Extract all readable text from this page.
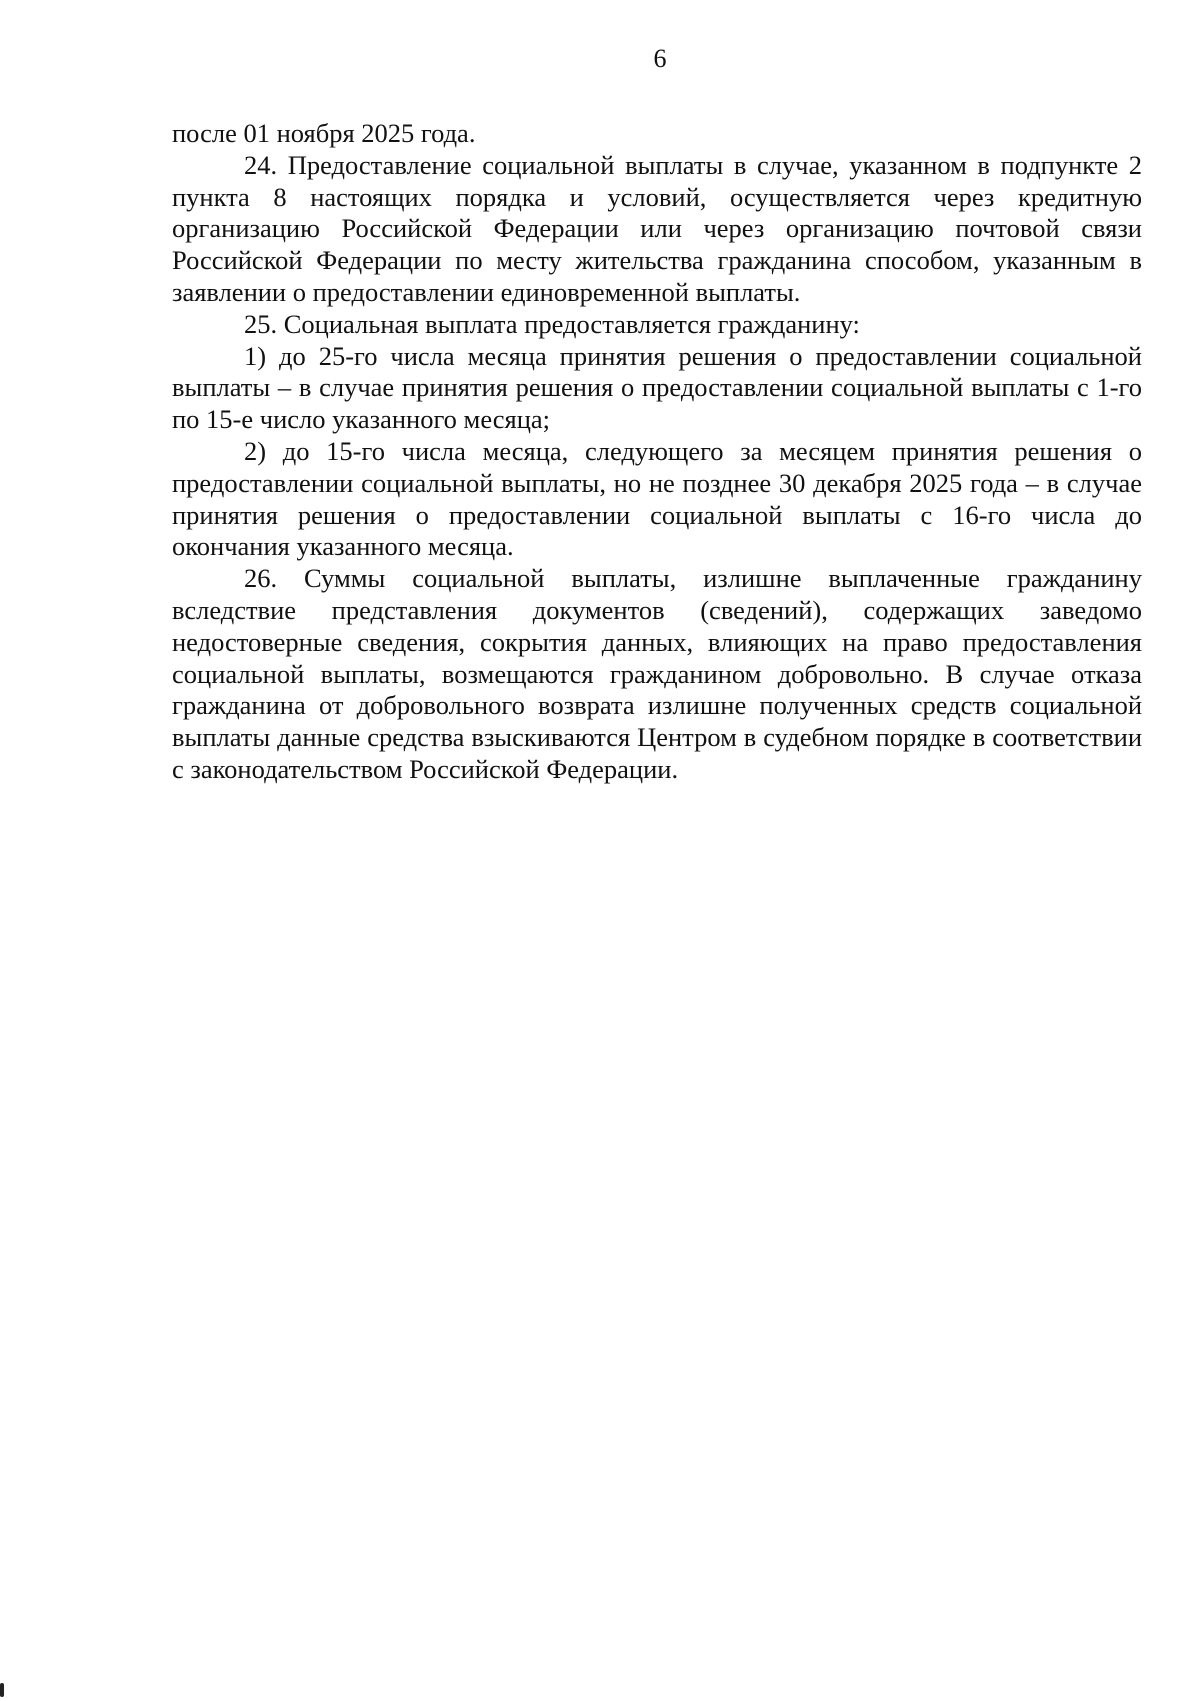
6

после 01 ноября 2025 года.

24. Предоставление социальной выплаты в случае, указанном в подпункте 2 пункта 8 настоящих порядка и условий, осуществляется через кредитную организацию Российской Федерации или через организацию почтовой связи Российской Федерации по месту жительства гражданина способом, указанным в заявлении о предоставлении единовременной выплаты.

25. Социальная выплата предоставляется гражданину:

1) до 25-го числа месяца принятия решения о предоставлении социальной выплаты – в случае принятия решения о предоставлении социальной выплаты с 1-го по 15-е число указанного месяца;

2) до 15-го числа месяца, следующего за месяцем принятия решения о предоставлении социальной выплаты, но не позднее 30 декабря 2025 года – в случае принятия решения о предоставлении социальной выплаты с 16-го числа до окончания указанного месяца.

26. Суммы социальной выплаты, излишне выплаченные гражданину вследствие представления документов (сведений), содержащих заведомо недостоверные сведения, сокрытия данных, влияющих на право предоставления социальной выплаты, возмещаются гражданином добровольно. В случае отказа гражданина от добровольного возврата излишне полученных средств социальной выплаты данные средства взыскиваются Центром в судебном порядке в соответствии с законодательством Российской Федерации.
